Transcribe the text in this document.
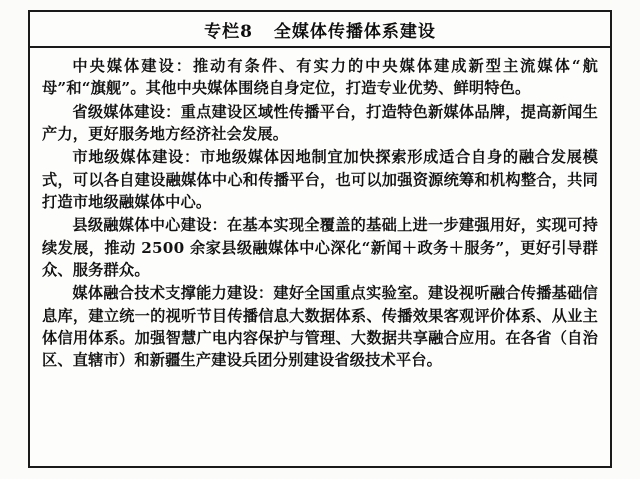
专栏8 全媒体传播体系建设

中央媒体建设：推动有条件、有实力的中央媒体建成新型主流媒体“航母”和“旗舰”。其他中央媒体围绕自身定位，打造专业优势、鲜明特色。

省级媒体建设：重点建设区域性传播平台，打造特色新媒体品牌，提高新闻生产力，更好服务地方经济社会发展。

市地级媒体建设：市地级媒体因地制宜加快探索形成适合自身的融合发展模式，可以各自建设融媒体中心和传播平台，也可以加强资源统筹和机构整合，共同打造市地级融媒体中心。

县级融媒体中心建设：在基本实现全覆盖的基础上进一步建强用好，实现可持续发展，推动 2500 余家县级融媒体中心深化“新闻＋政务＋服务”，更好引导群众、服务群众。

媒体融合技术支撑能力建设：建好全国重点实验室。建设视听融合传播基础信息库，建立统一的视听节目传播信息大数据体系、传播效果客观评价体系、从业主体信用体系。加强智慧广电内容保护与管理、大数据共享融合应用。在各省（自治区、直辖市）和新疆生产建设兵团分别建设省级技术平台。
